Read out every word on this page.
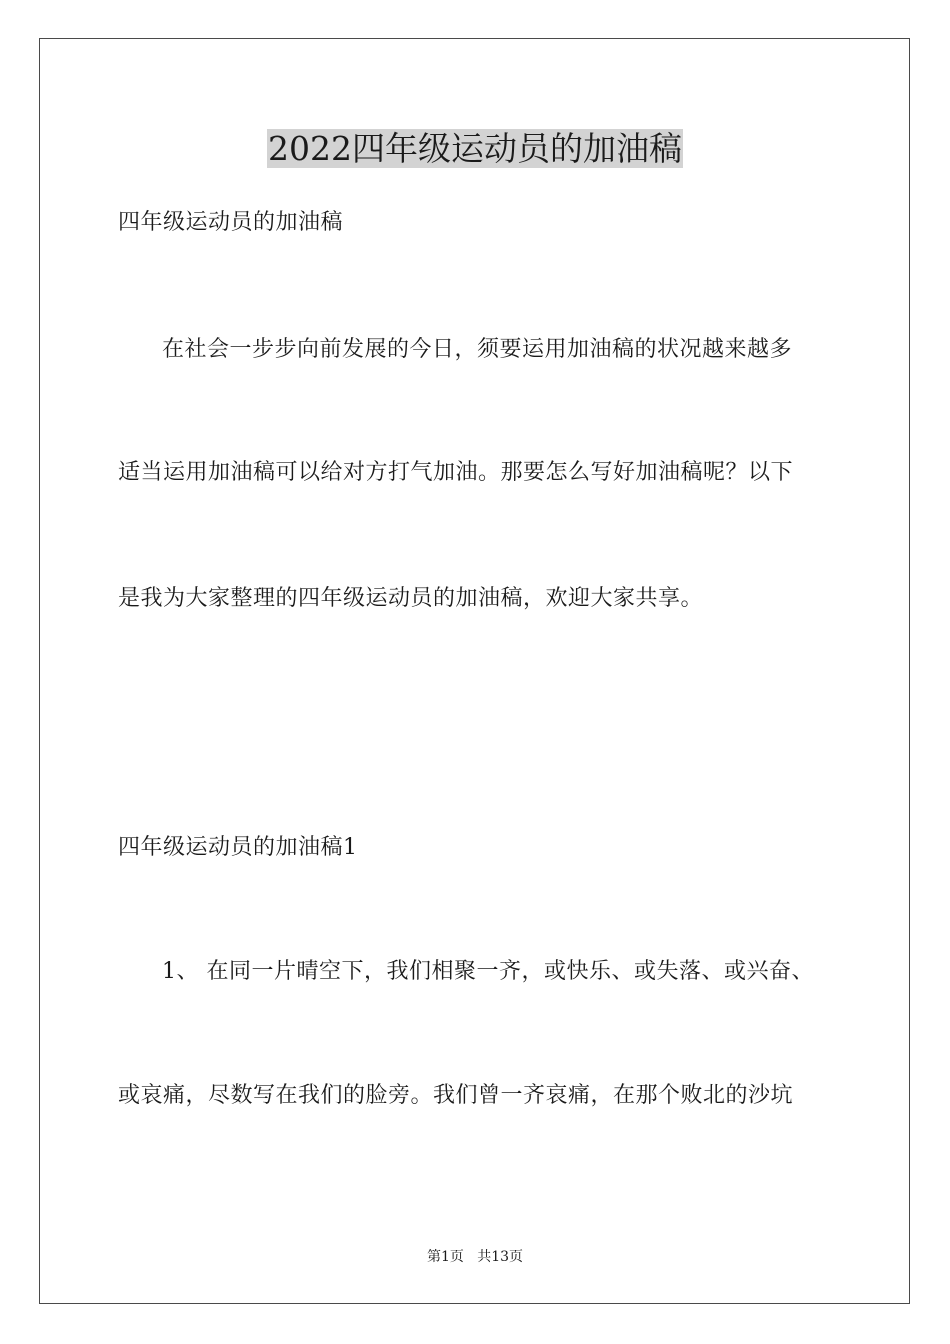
2022四年级运动员的加油稿

四年级运动员的加油稿

在社会一步步向前发展的今日，须要运用加油稿的状况越来越多

适当运用加油稿可以给对方打气加油。那要怎么写好加油稿呢？以下

是我为大家整理的四年级运动员的加油稿，欢迎大家共享。

四年级运动员的加油稿1

1、 在同一片晴空下，我们相聚一齐，或快乐、或失落、或兴奋、

或哀痛，尽数写在我们的脸旁。我们曾一齐哀痛，在那个败北的沙坑

第1页   共13页
